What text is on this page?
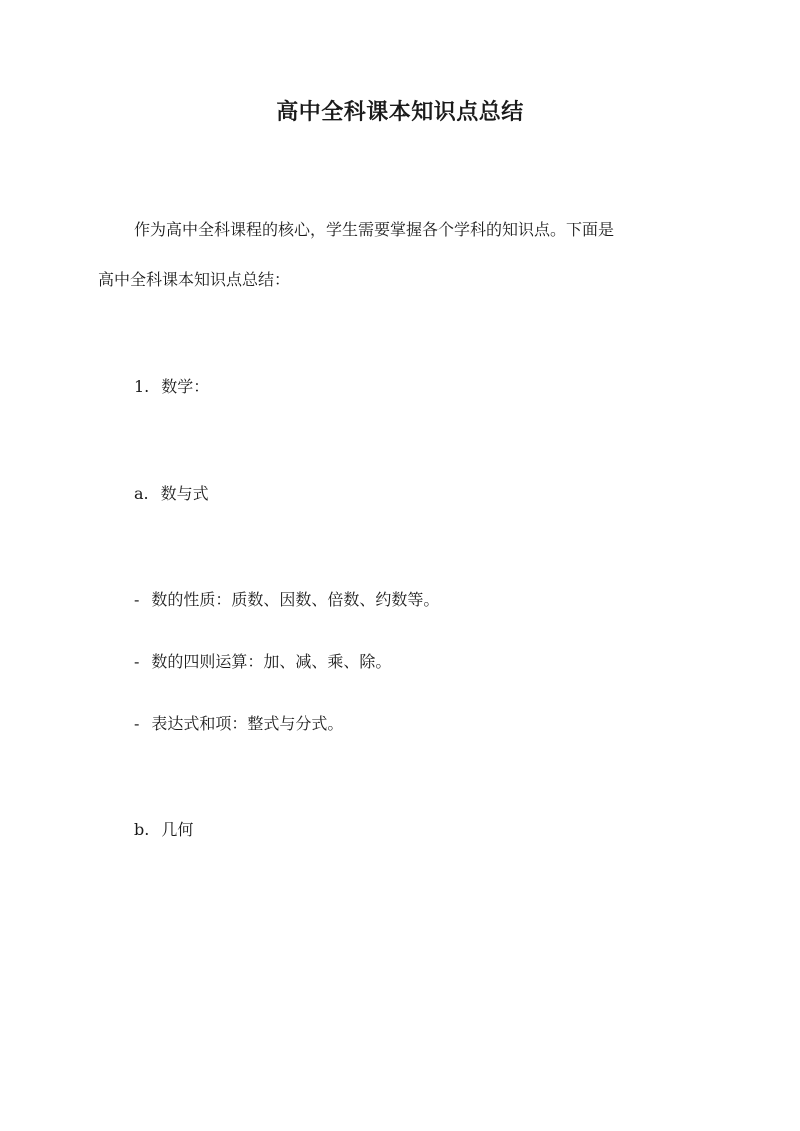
高中全科课本知识点总结
作为高中全科课程的核心，学生需要掌握各个学科的知识点。下面是
高中全科课本知识点总结：
1. 数学：
a. 数与式
- 数的性质：质数、因数、倍数、约数等。
- 数的四则运算：加、减、乘、除。
- 表达式和项：整式与分式。
b. 几何
